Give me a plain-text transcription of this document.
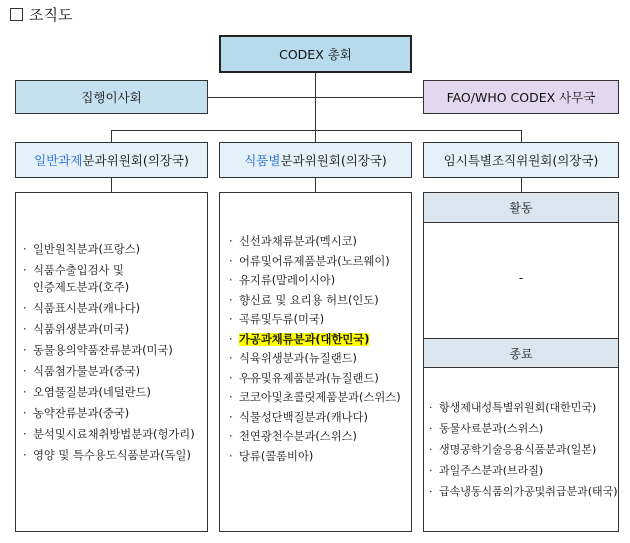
조직도
CODEX 총회
집행이사회	FAO/WHO CODEX 사무국
일반과제 분과위원회(의장국)	식품별 분과위원회(의장국)	임시특별조직위원회(의장국)
· 일반원칙분과(프랑스)
· 식품수출입검사 및
인증제도분과(호주)
· 식품표시분과(캐나다)
· 식품위생분과(미국)
· 동물용의약품잔류분과(미국)
· 식품첨가물분과(중국)
· 오염물질분과(네덜란드)
· 농약잔류분과(중국)
· 분석및시료채취방법분과(헝가리)
· 영양 및 특수용도식품분과(독일)
· 신선과채류분과(멕시코)
· 어류및어류제품분과(노르웨이)
· 유지류(말레이시아)
· 향신료 및 요리용 허브(인도)
· 곡류및두류(미국)
· 가공과채류분과(대한민국)
· 식육위생분과(뉴질랜드)
· 우유및유제품분과(뉴질랜드)
· 코코아및초콜릿제품분과(스위스)
· 식물성단백질분과(캐나다)
· 천연광천수분과(스위스)
· 당류(콜롬비아)
활동
-
종료
· 항생제내성특별위원회(대한민국)
· 동물사료분과(스위스)
· 생명공학기술응용식품분과(일본)
· 과일주스분과(브라질)
· 급속냉동식품의가공및취급분과(태국)
